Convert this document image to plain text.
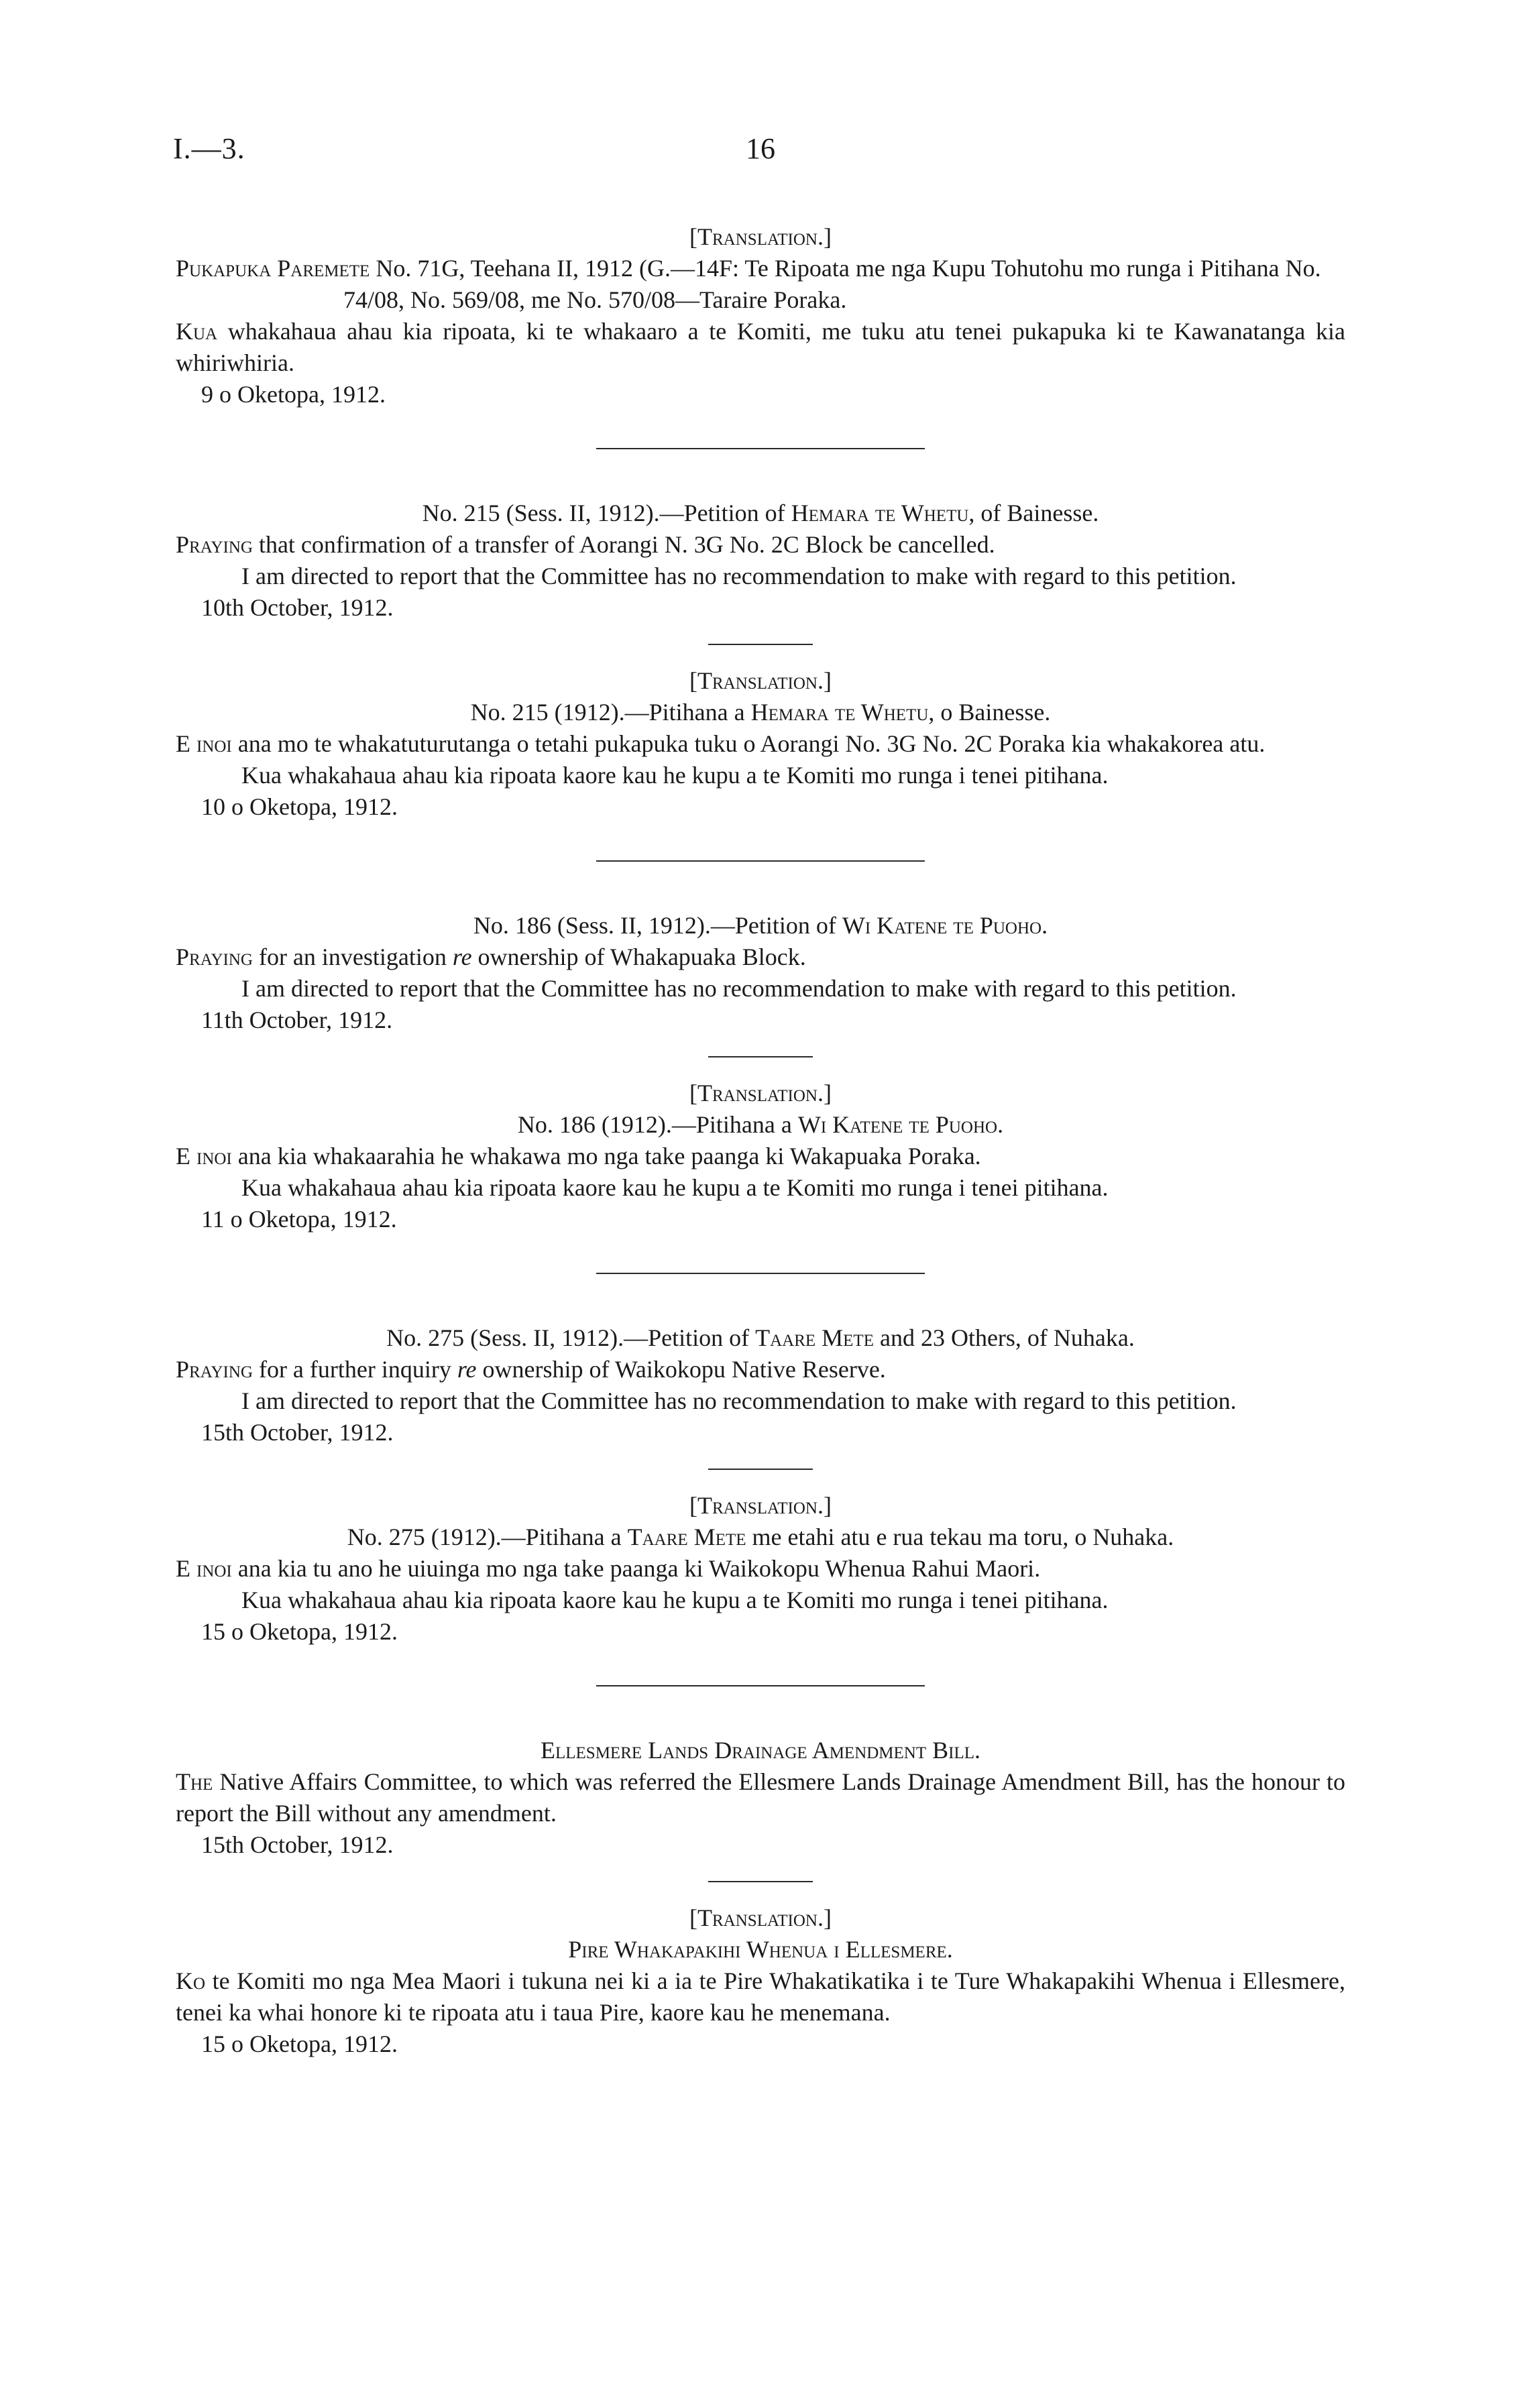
I.—3.	16

[Translation.]

Pukapuka Paremete No. 71G, Teehana II, 1912 (G.—14F: Te Ripoata me nga Kupu Tohutohu mo runga i Pitihana No. 74/08, No. 569/08, me No. 570/08—Taraire Poraka.

Kua whakahaua ahau kia ripoata, ki te whakaaro a te Komiti, me tuku atu tenei pukapuka ki te Kawanatanga kia whiriwhiria.

9 o Oketopa, 1912.

No. 215 (Sess. II, 1912).—Petition of Hemara te Whetu, of Bainesse.

Praying that confirmation of a transfer of Aorangi N. 3G No. 2C Block be cancelled.

I am directed to report that the Committee has no recommendation to make with regard to this petition.

10th October, 1912.

[Translation.]

No. 215 (1912).—Pitihana a Hemara te Whetu, o Bainesse.

E inoi ana mo te whakatuturutanga o tetahi pukapuka tuku o Aorangi No. 3G No. 2C Poraka kia whakakorea atu.

Kua whakahaua ahau kia ripoata kaore kau he kupu a te Komiti mo runga i tenei pitihana.

10 o Oketopa, 1912.

No. 186 (Sess. II, 1912).—Petition of Wi Katene te Puoho.

Praying for an investigation re ownership of Whakapuaka Block.

I am directed to report that the Committee has no recommendation to make with regard to this petition.

11th October, 1912.

[Translation.]

No. 186 (1912).—Pitihana a Wi Katene te Puoho.

E inoi ana kia whakaarahia he whakawa mo nga take paanga ki Wakapuaka Poraka.

Kua whakahaua ahau kia ripoata kaore kau he kupu a te Komiti mo runga i tenei pitihana.

11 o Oketopa, 1912.

No. 275 (Sess. II, 1912).—Petition of Taare Mete and 23 Others, of Nuhaka.

Praying for a further inquiry re ownership of Waikokopu Native Reserve.

I am directed to report that the Committee has no recommendation to make with regard to this petition.

15th October, 1912.

[Translation.]

No. 275 (1912).—Pitihana a Taare Mete me etahi atu e rua tekau ma toru, o Nuhaka.

E inoi ana kia tu ano he uiuinga mo nga take paanga ki Waikokopu Whenua Rahui Maori.

Kua whakahaua ahau kia ripoata kaore kau he kupu a te Komiti mo runga i tenei pitihana.

15 o Oketopa, 1912.

Ellesmere Lands Drainage Amendment Bill.

The Native Affairs Committee, to which was referred the Ellesmere Lands Drainage Amendment Bill, has the honour to report the Bill without any amendment.

15th October, 1912.

[Translation.]

Pire Whakapakihi Whenua i Ellesmere.

Ko te Komiti mo nga Mea Maori i tukuna nei ki a ia te Pire Whakatikatika i te Ture Whakapakihi Whenua i Ellesmere, tenei ka whai honore ki te ripoata atu i taua Pire, kaore kau he menemana.

15 o Oketopa, 1912.
